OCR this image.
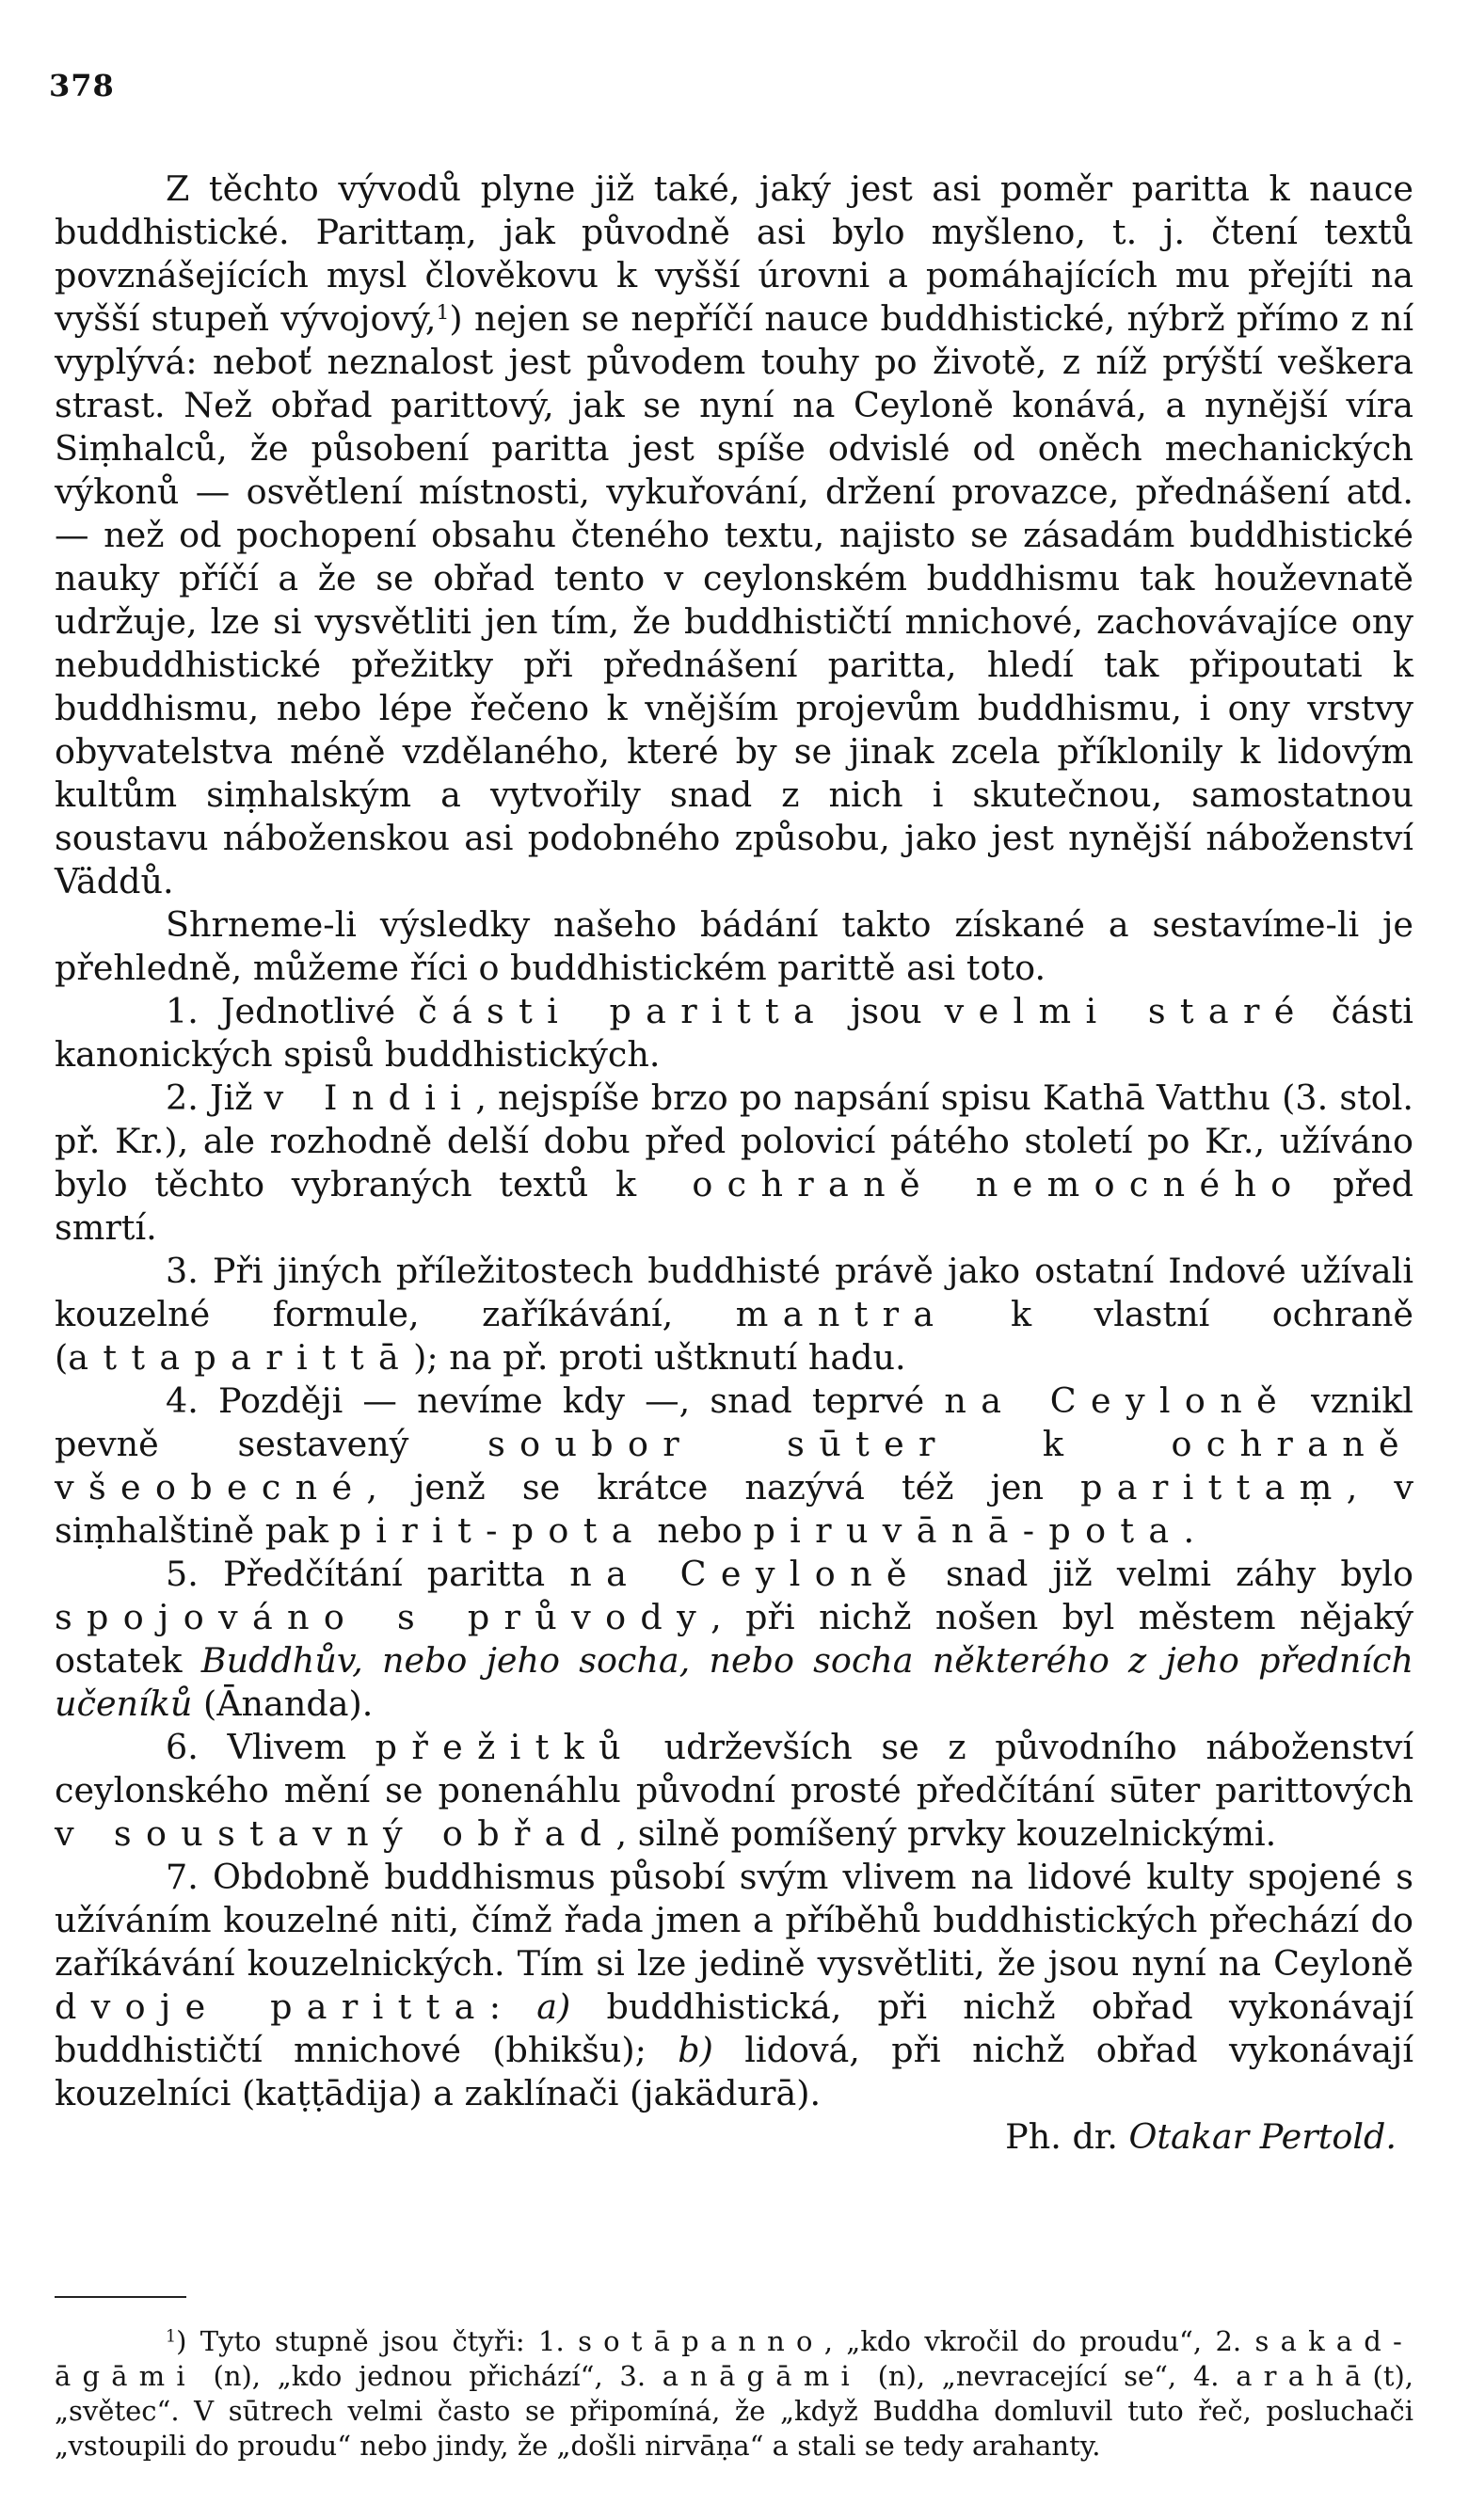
378

Z těchto vývodů plyne již také, jaký jest asi poměr paritta k nauce buddhistické. Parittaṃ, jak původně asi bylo myšleno, t. j. čtení textů povznášejících mysl člověkovu k vyšší úrovni a pomáhajících mu přejíti na vyšší stupeň vývojový,$^1$) nejen se nepříčí nauce buddhistické, nýbrž přímo z ní vyplývá: neboť neznalost jest původem touhy po životě, z níž prýští veškera strast. Než obřad parittový, jak se nyní na Ceyloně konává, a nynější víra Siṃhalců, že působení paritta jest spíše odvislé od oněch mechanických výkonů — osvětlení místnosti, vykuřování, držení provazce, přednášení atd. — než od pochopení obsahu čteného textu, najisto se zásadám buddhistické nauky příčí a že se obřad tento v ceylonském buddhismu tak houževnatě udržuje, lze si vysvětliti jen tím, že buddhističtí mnichové, zachovávajíce ony nebuddhistické přežitky při přednášení paritta, hledí tak připoutati k buddhismu, nebo lépe řečeno k vnějším projevům buddhismu, i ony vrstvy obyvatelstva méně vzdělaného, které by se jinak zcela příklonily k lidovým kultům siṃhalským a vytvořily snad z nich i skutečnou, samostatnou soustavu náboženskou asi podobného způsobu, jako jest nynější náboženství Väddů.

Shrneme-li výsledky našeho bádání takto získané a sestavíme-li je přehledně, můžeme říci o buddhistickém parittě asi toto.

1. Jednotlivé části paritta jsou velmi staré části kanonických spisů buddhistických.

2. Již v Indii, nejspíše brzo po napsání spisu Kathā Vatthu (3. stol. př. Kr.), ale rozhodně delší dobu před polovicí pátého století po Kr., užíváno bylo těchto vybraných textů k ochraně nemocného před smrtí.

3. Při jiných příležitostech buddhisté právě jako ostatní Indové užívali kouzelné formule, zaříkávání, mantra k vlastní ochraně (attaparittā); na př. proti uštknutí hadu.

4. Později — nevíme kdy —, snad teprvé na Ceyloně vznikl pevně sestavený soubor sūter k ochraně všeobecné, jenž se krátce nazývá též jen parittaṃ, v siṃhalštině pak pirit-pota nebo piruvānā-pota.

5. Předčítání paritta na Ceyloně snad již velmi záhy bylo spojováno s průvody, při nichž nošen byl městem nějaký ostatek Buddhův, nebo jeho socha, nebo socha některého z jeho předních učeníků (Ānanda).

6. Vlivem přežitků udrževších se z původního náboženství ceylonského mění se ponenáhlu původní prosté předčítání sūter parittových v soustavný obřad, silně pomíšený prvky kouzelnickými.

7. Obdobně buddhismus působí svým vlivem na lidové kulty spojené s užíváním kouzelné niti, čímž řada jmen a příběhů buddhistických přechází do zaříkávání kouzelnických. Tím si lze jedině vysvětliti, že jsou nyní na Ceyloně dvoje paritta: a) buddhistická, při nichž obřad vykonávají buddhističtí mnichové (bhikšu); b) lidová, při nichž obřad vykonávají kouzelníci (kaṭṭādija) a zaklínači (jakädurā).

Ph. dr. Otakar Pertold.

$^1$) Tyto stupně jsou čtyři: 1. sotāpanno, „kdo vkročil do proudu“, 2. sakad-āgāmi (n), „kdo jednou přichází“, 3. anāgāmi (n), „nevracející se“, 4. arahā(t), „světec“. V sūtrech velmi často se připomíná, že „když Buddha domluvil tuto řeč, posluchači „vstoupili do proudu“ nebo jindy, že „došli nirvāṇa“ a stali se tedy arahanty.
